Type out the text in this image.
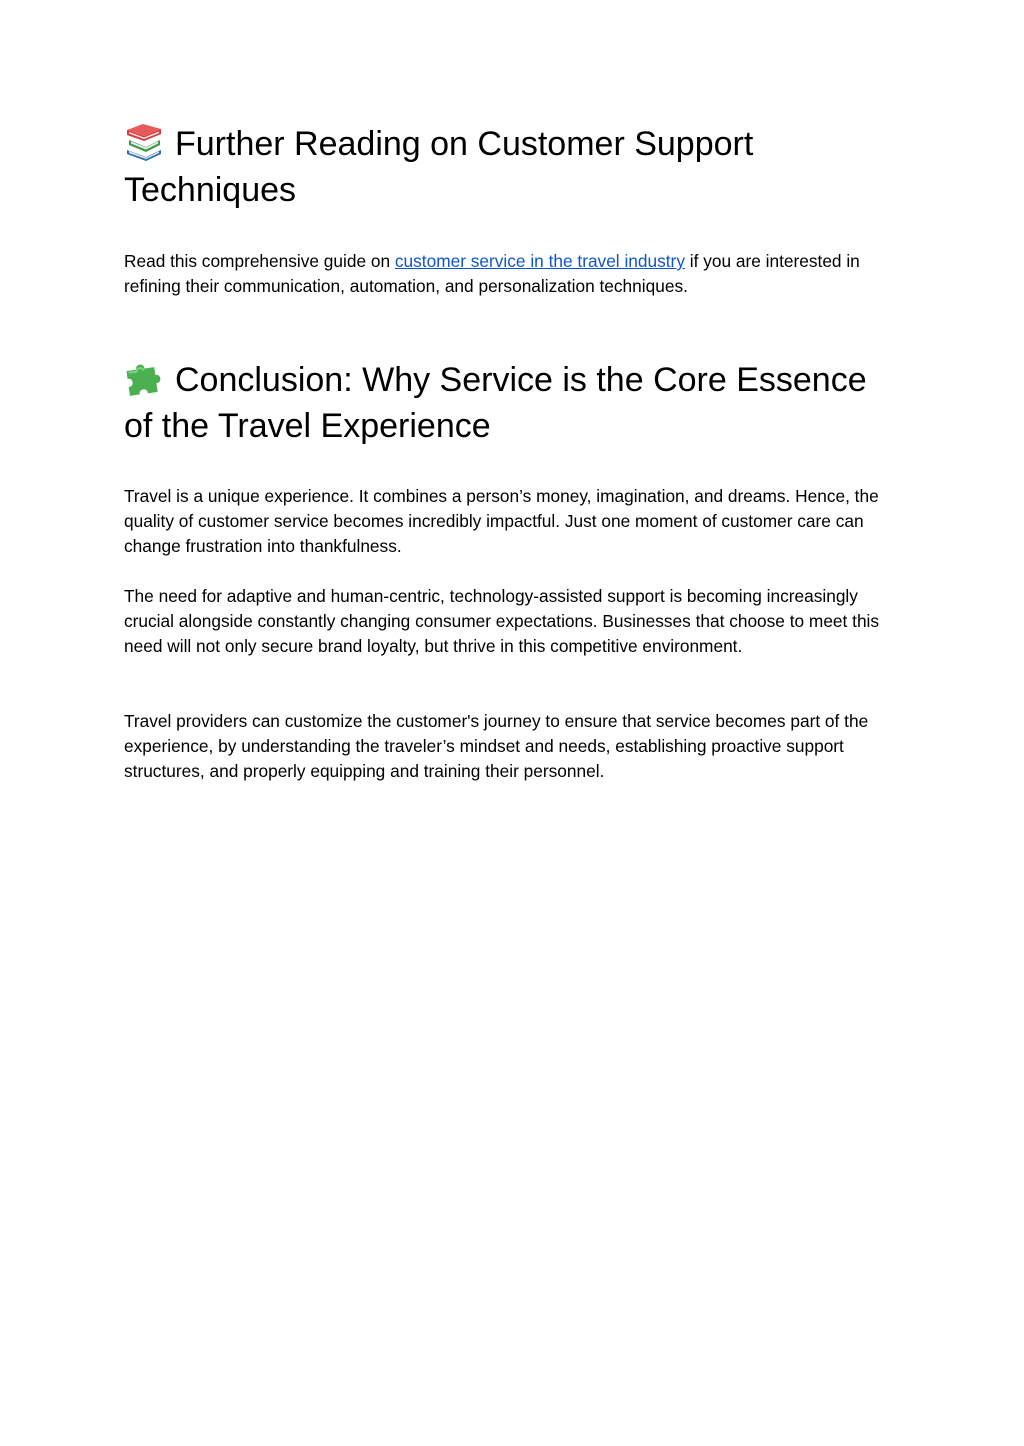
Further Reading on Customer Support Techniques

Read this comprehensive guide on customer service in the travel industry if you are interested in refining their communication, automation, and personalization techniques.

Conclusion: Why Service is the Core Essence of the Travel Experience

Travel is a unique experience. It combines a person’s money, imagination, and dreams. Hence, the quality of customer service becomes incredibly impactful. Just one moment of customer care can change frustration into thankfulness.

The need for adaptive and human-centric, technology-assisted support is becoming increasingly crucial alongside constantly changing consumer expectations. Businesses that choose to meet this need will not only secure brand loyalty, but thrive in this competitive environment.

Travel providers can customize the customer's journey to ensure that service becomes part of the experience, by understanding the traveler’s mindset and needs, establishing proactive support structures, and properly equipping and training their personnel.
